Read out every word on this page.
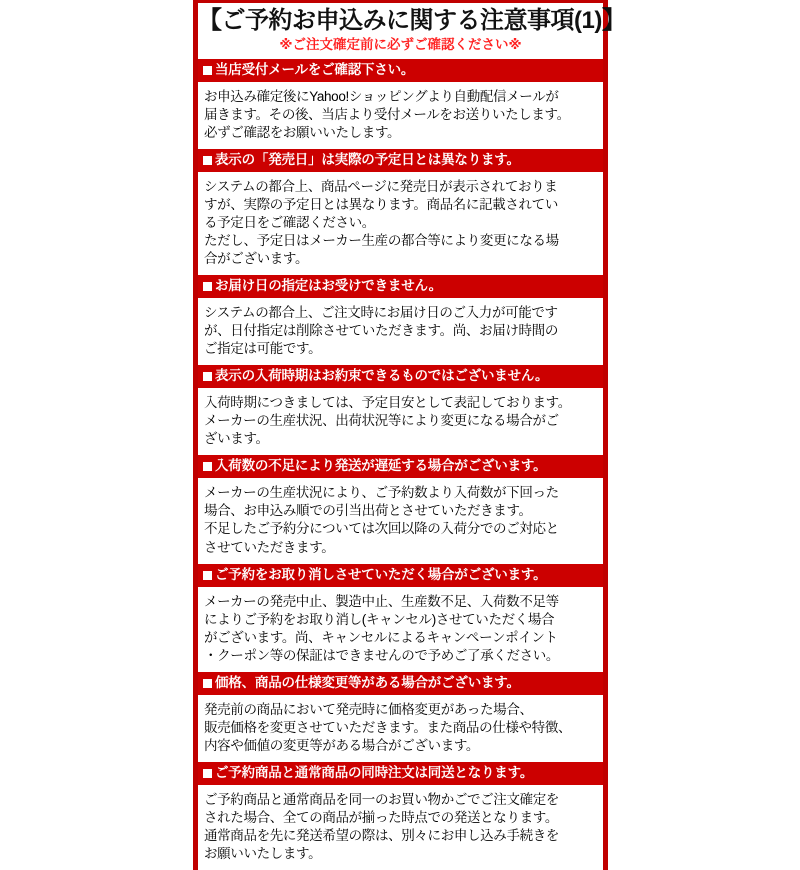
【ご予約お申込みに関する注意事項(1)】
※ご注文確定前に必ずご確認ください※
当店受付メールをご確認下さい。

お申込み確定後にYahoo!ショッピングより自動配信メールが

届きます。その後、当店より受付メールをお送りいたします。

必ずご確認をお願いいたします。

表示の「発売日」は実際の予定日とは異なります。

システムの都合上、商品ページに発売日が表示されておりま

すが、実際の予定日とは異なります。商品名に記載されてい

る予定日をご確認ください。

ただし、予定日はメーカー生産の都合等により変更になる場

合がございます。

お届け日の指定はお受けできません。

システムの都合上、ご注文時にお届け日のご入力が可能です

が、日付指定は削除させていただきます。尚、お届け時間の

ご指定は可能です。

表示の入荷時期はお約束できるものではございません。

入荷時期につきましては、予定目安として表記しております。

メーカーの生産状況、出荷状況等により変更になる場合がご

ざいます。

入荷数の不足により発送が遅延する場合がございます。

メーカーの生産状況により、ご予約数より入荷数が下回った

場合、お申込み順での引当出荷とさせていただきます。

不足したご予約分については次回以降の入荷分でのご対応と

させていただきます。

ご予約をお取り消しさせていただく場合がございます。

メーカーの発売中止、製造中止、生産数不足、入荷数不足等

によりご予約をお取り消し(キャンセル)させていただく場合

がございます。尚、キャンセルによるキャンペーンポイント

・クーポン等の保証はできませんので予めご了承ください。

価格、商品の仕様変更等がある場合がございます。

発売前の商品において発売時に価格変更があった場合、

販売価格を変更させていただきます。また商品の仕様や特徴、

内容や価値の変更等がある場合がございます。

ご予約商品と通常商品の同時注文は同送となります。

ご予約商品と通常商品を同一のお買い物かごでご注文確定を

された場合、全ての商品が揃った時点での発送となります。

通常商品を先に発送希望の際は、別々にお申し込み手続きを

お願いいたします。
